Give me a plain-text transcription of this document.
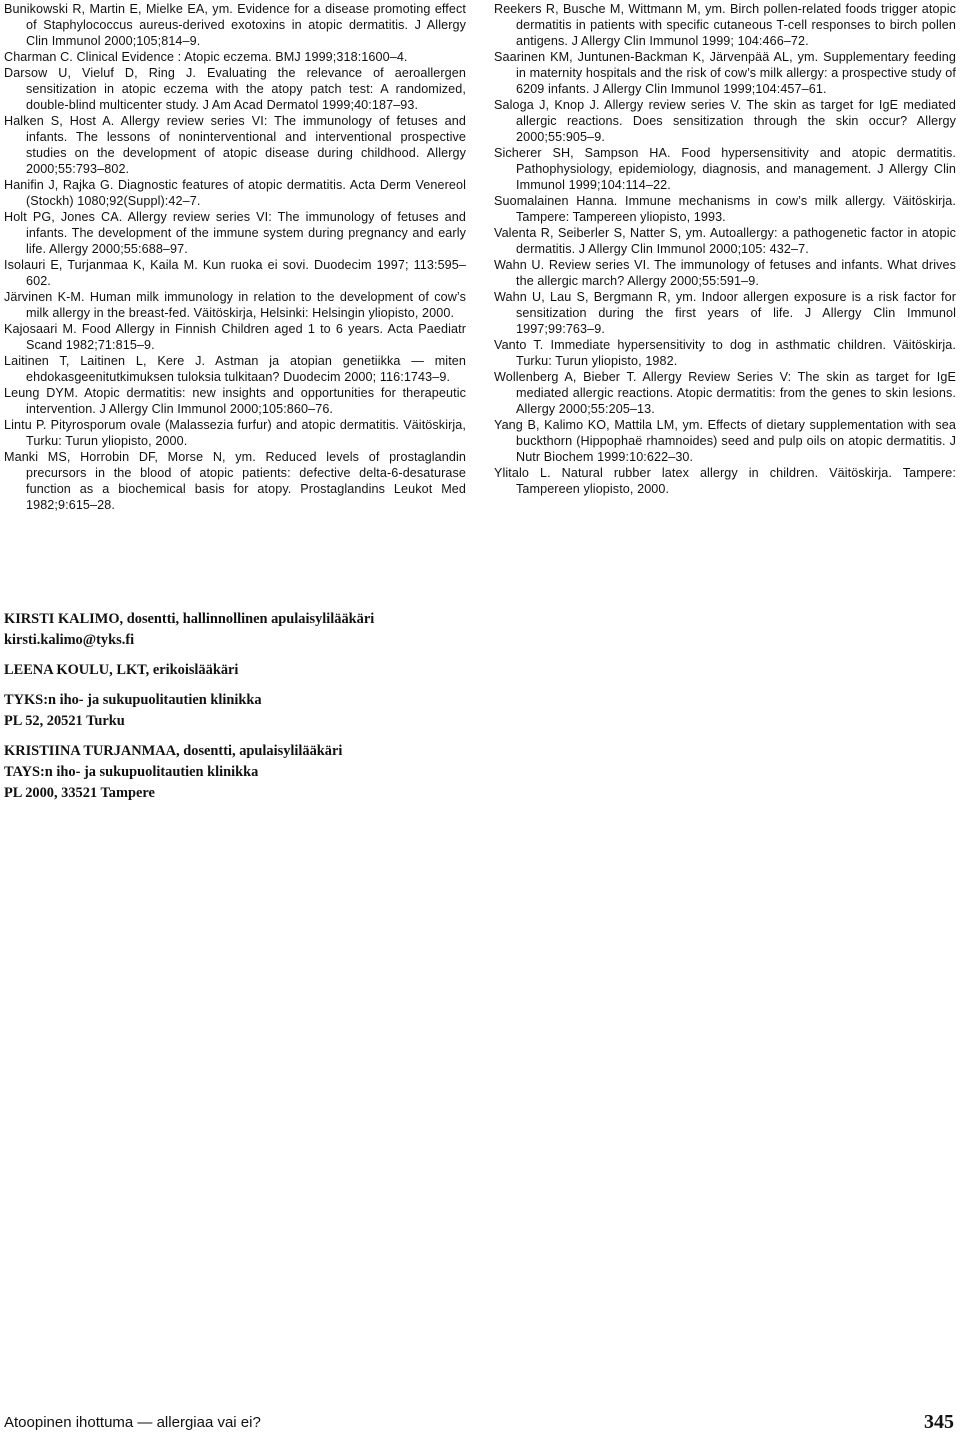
Bunikowski R, Martin E, Mielke EA, ym. Evidence for a disease promoting effect of Staphylococcus aureus-derived exotoxins in atopic dermatitis. J Allergy Clin Immunol 2000;105;814–9.

Charman C. Clinical Evidence : Atopic eczema. BMJ 1999;318:1600–4.

Darsow U, Vieluf D, Ring J. Evaluating the relevance of aeroallergen sensitization in atopic eczema with the atopy patch test: A randomized, double-blind multicenter study. J Am Acad Dermatol 1999;40:187–93.

Halken S, Host A. Allergy review series VI: The immunology of fetuses and infants. The lessons of noninterventional and interventional prospective studies on the development of atopic disease during childhood. Allergy 2000;55:793–802.

Hanifin J, Rajka G. Diagnostic features of atopic dermatitis. Acta Derm Venereol (Stockh) 1080;92(Suppl):42–7.

Holt PG, Jones CA. Allergy review series VI: The immunology of fetuses and infants. The development of the immune system during pregnancy and early life. Allergy 2000;55:688–97.

Isolauri E, Turjanmaa K, Kaila M. Kun ruoka ei sovi. Duodecim 1997; 113:595–602.

Järvinen K-M. Human milk immunology in relation to the development of cow’s milk allergy in the breast-fed. Väitöskirja, Helsinki: Helsingin yliopisto, 2000.

Kajosaari M. Food Allergy in Finnish Children aged 1 to 6 years. Acta Paediatr Scand 1982;71:815–9.

Laitinen T, Laitinen L, Kere J. Astman ja atopian genetiikka — miten ehdokasgeenitutkimuksen tuloksia tulkitaan? Duodecim 2000; 116:1743–9.

Leung DYM. Atopic dermatitis: new insights and opportunities for therapeutic intervention. J Allergy Clin Immunol 2000;105:860–76.

Lintu P. Pityrosporum ovale (Malassezia furfur) and atopic dermatitis. Väitöskirja, Turku: Turun yliopisto, 2000.

Manki MS, Horrobin DF, Morse N, ym. Reduced levels of prostaglandin precursors in the blood of atopic patients: defective delta-6-desaturase function as a biochemical basis for atopy. Prostaglandins Leukot Med 1982;9:615–28.

Reekers R, Busche M, Wittmann M, ym. Birch pollen-related foods trigger atopic dermatitis in patients with specific cutaneous T-cell responses to birch pollen antigens. J Allergy Clin Immunol 1999; 104:466–72.

Saarinen KM, Juntunen-Backman K, Järvenpää AL, ym. Supplementary feeding in maternity hospitals and the risk of cow’s milk allergy: a prospective study of 6209 infants. J Allergy Clin Immunol 1999;104:457–61.

Saloga J, Knop J. Allergy review series V. The skin as target for IgE mediated allergic reactions. Does sensitization through the skin occur? Allergy 2000;55:905–9.

Sicherer SH, Sampson HA. Food hypersensitivity and atopic dermatitis. Pathophysiology, epidemiology, diagnosis, and management. J Allergy Clin Immunol 1999;104:114–22.

Suomalainen Hanna. Immune mechanisms in cow’s milk allergy. Väitöskirja. Tampere: Tampereen yliopisto, 1993.

Valenta R, Seiberler S, Natter S, ym. Autoallergy: a pathogenetic factor in atopic dermatitis. J Allergy Clin Immunol 2000;105: 432–7.

Wahn U. Review series VI. The immunology of fetuses and infants. What drives the allergic march? Allergy 2000;55:591–9.

Wahn U, Lau S, Bergmann R, ym. Indoor allergen exposure is a risk factor for sensitization during the first years of life. J Allergy Clin Immunol 1997;99:763–9.

Vanto T. Immediate hypersensitivity to dog in asthmatic children. Väitöskirja. Turku: Turun yliopisto, 1982.

Wollenberg A, Bieber T. Allergy Review Series V: The skin as target for IgE mediated allergic reactions. Atopic dermatitis: from the genes to skin lesions. Allergy 2000;55:205–13.

Yang B, Kalimo KO, Mattila LM, ym. Effects of dietary supplementation with sea buckthorn (Hippophaë rhamnoides) seed and pulp oils on atopic dermatitis. J Nutr Biochem 1999:10:622–30.

Ylitalo L. Natural rubber latex allergy in children. Väitöskirja. Tampere: Tampereen yliopisto, 2000.

KIRSTI KALIMO, dosentti, hallinnollinen apulaisylilääkäri
kirsti.kalimo@tyks.fi
LEENA KOULU, LKT, erikoislääkäri
TYKS:n iho- ja sukupuolitautien klinikka
PL 52, 20521 Turku
KRISTIINA TURJANMAA, dosentti, apulaisylilääkäri
TAYS:n iho- ja sukupuolitautien klinikka
PL 2000, 33521 Tampere
Atoopinen ihottuma — allergiaa vai ei?	345
